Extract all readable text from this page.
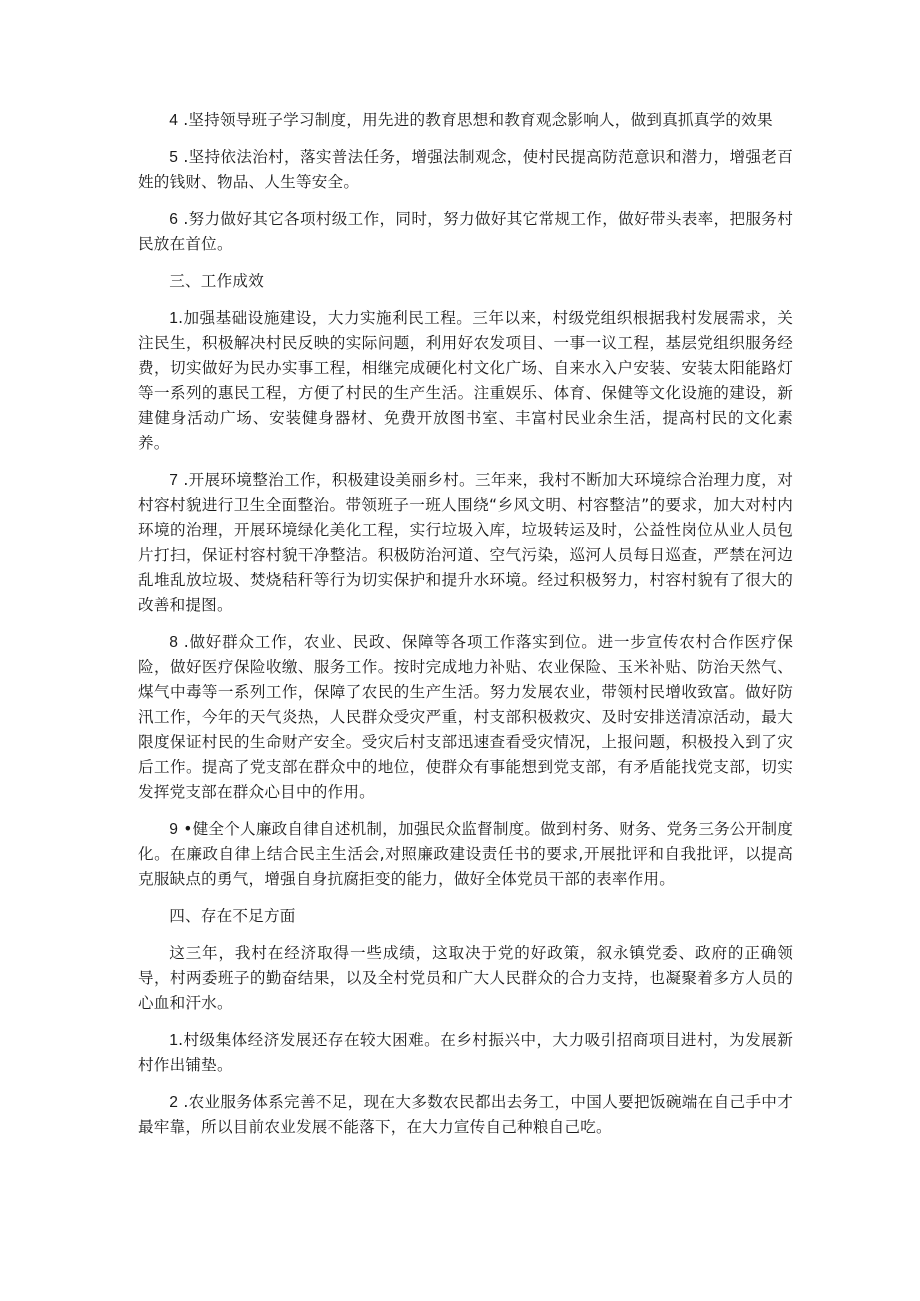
4 .坚持领导班子学习制度，用先进的教育思想和教育观念影响人，做到真抓真学的效果

5 .坚持依法治村，落实普法任务，增强法制观念，使村民提高防范意识和潜力，增强老百姓的钱财、物品、人生等安全。

6 .努力做好其它各项村级工作，同时，努力做好其它常规工作，做好带头表率，把服务村民放在首位。

三、工作成效

1.加强基础设施建设，大力实施利民工程。三年以来，村级党组织根据我村发展需求，关注民生，积极解决村民反映的实际问题，利用好农发项目、一事一议工程，基层党组织服务经费，切实做好为民办实事工程，相继完成硬化村文化广场、自来水入户安装、安装太阳能路灯等一系列的惠民工程，方便了村民的生产生活。注重娱乐、体育、保健等文化设施的建设，新建健身活动广场、安装健身器材、免费开放图书室、丰富村民业余生活，提高村民的文化素养。

7 .开展环境整治工作，积极建设美丽乡村。三年来，我村不断加大环境综合治理力度，对村容村貌进行卫生全面整治。带领班子一班人围绕“乡风文明、村容整洁”的要求，加大对村内环境的治理，开展环境绿化美化工程，实行垃圾入库，垃圾转运及时，公益性岗位从业人员包片打扫，保证村容村貌干净整洁。积极防治河道、空气污染，巡河人员每日巡查，严禁在河边乱堆乱放垃圾、焚烧秸秆等行为切实保护和提升水环境。经过积极努力，村容村貌有了很大的改善和提图。

8 .做好群众工作，农业、民政、保障等各项工作落实到位。进一步宣传农村合作医疗保险，做好医疗保险收缴、服务工作。按时完成地力补贴、农业保险、玉米补贴、防治天然气、煤气中毒等一系列工作，保障了农民的生产生活。努力发展农业，带领村民增收致富。做好防汛工作，今年的天气炎热，人民群众受灾严重，村支部积极救灾、及时安排送清凉活动，最大限度保证村民的生命财产安全。受灾后村支部迅速查看受灾情况，上报问题，积极投入到了灾后工作。提高了党支部在群众中的地位，使群众有事能想到党支部，有矛盾能找党支部，切实发挥党支部在群众心目中的作用。

9 •健全个人廉政自律自述机制，加强民众监督制度。做到村务、财务、党务三务公开制度化。在廉政自律上结合民主生活会,对照廉政建设责任书的要求,开展批评和自我批评，以提高克服缺点的勇气，增强自身抗腐拒变的能力，做好全体党员干部的表率作用。

四、存在不足方面

这三年，我村在经济取得一些成绩，这取决于党的好政策，叙永镇党委、政府的正确领导，村两委班子的勤奋结果，以及全村党员和广大人民群众的合力支持，也凝聚着多方人员的心血和汗水。

1.村级集体经济发展还存在较大困难。在乡村振兴中，大力吸引招商项目进村，为发展新村作出铺垫。

2 .农业服务体系完善不足，现在大多数农民都出去务工，中国人要把饭碗端在自己手中才最牢靠，所以目前农业发展不能落下，在大力宣传自己种粮自己吃。
